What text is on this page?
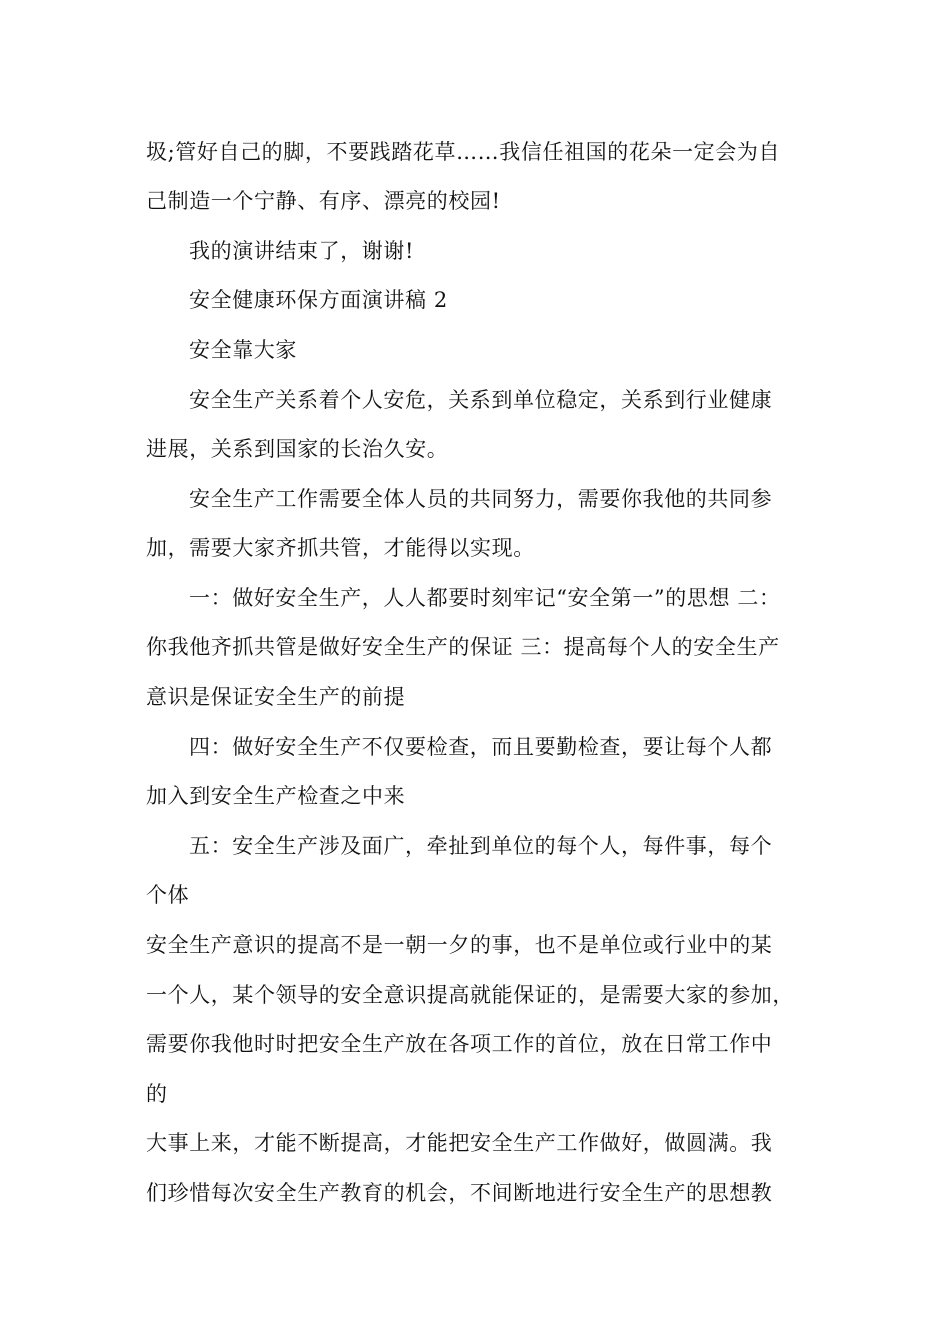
圾;管好自己的脚，不要践踏花草……我信任祖国的花朵一定会为自
己制造一个宁静、有序、漂亮的校园!
我的演讲结束了，谢谢!
安全健康环保方面演讲稿 2
安全靠大家
安全生产关系着个人安危，关系到单位稳定，关系到行业健康
进展，关系到国家的长治久安。
安全生产工作需要全体人员的共同努力，需要你我他的共同参
加，需要大家齐抓共管，才能得以实现。
一：做好安全生产，人人都要时刻牢记“安全第一”的思想 二：
你我他齐抓共管是做好安全生产的保证 三：提高每个人的安全生产
意识是保证安全生产的前提
四：做好安全生产不仅要检查，而且要勤检查，要让每个人都
加入到安全生产检查之中来
五：安全生产涉及面广，牵扯到单位的每个人，每件事，每个
个体
安全生产意识的提高不是一朝一夕的事，也不是单位或行业中的某
一个人，某个领导的安全意识提高就能保证的，是需要大家的参加，
需要你我他时时把安全生产放在各项工作的首位，放在日常工作中
的
大事上来，才能不断提高，才能把安全生产工作做好，做圆满。我
们珍惜每次安全生产教育的机会，不间断地进行安全生产的思想教
